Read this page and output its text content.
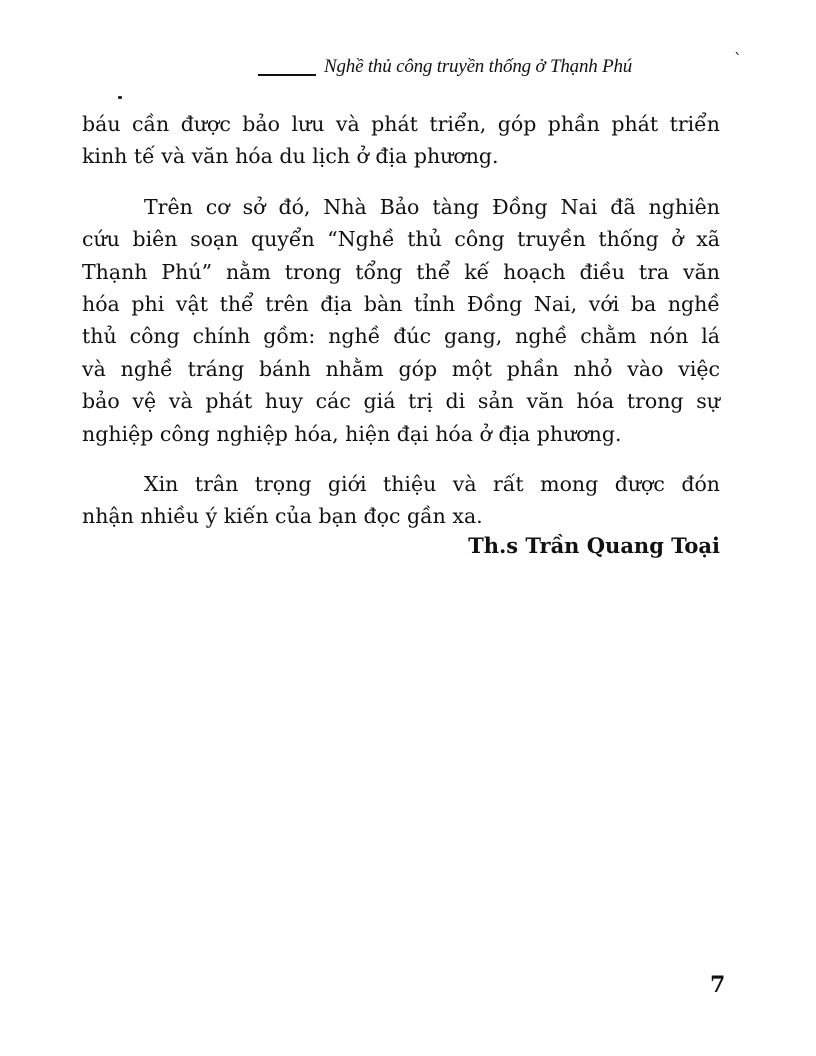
Nghề thủ công truyền thống ở Thạnh Phú	`
báu cần được bảo lưu và phát triển, góp phần phát triển
kinh tế và văn hóa du lịch ở địa phương.
Trên cơ sở đó, Nhà Bảo tàng Đồng Nai đã nghiên
cứu biên soạn quyển “Nghề thủ công truyền thống ở xã
Thạnh Phú” nằm trong tổng thể kế hoạch điều tra văn
hóa phi vật thể trên địa bàn tỉnh Đồng Nai, với ba nghề
thủ công chính gồm: nghề đúc gang, nghề chằm nón lá
và nghề tráng bánh nhằm góp một phần nhỏ vào việc
bảo vệ và phát huy các giá trị di sản văn hóa trong sự
nghiệp công nghiệp hóa, hiện đại hóa ở địa phương.
Xin trân trọng giới thiệu và rất mong được đón
nhận nhiều ý kiến của bạn đọc gần xa.
Th.s Trần Quang Toại
7
